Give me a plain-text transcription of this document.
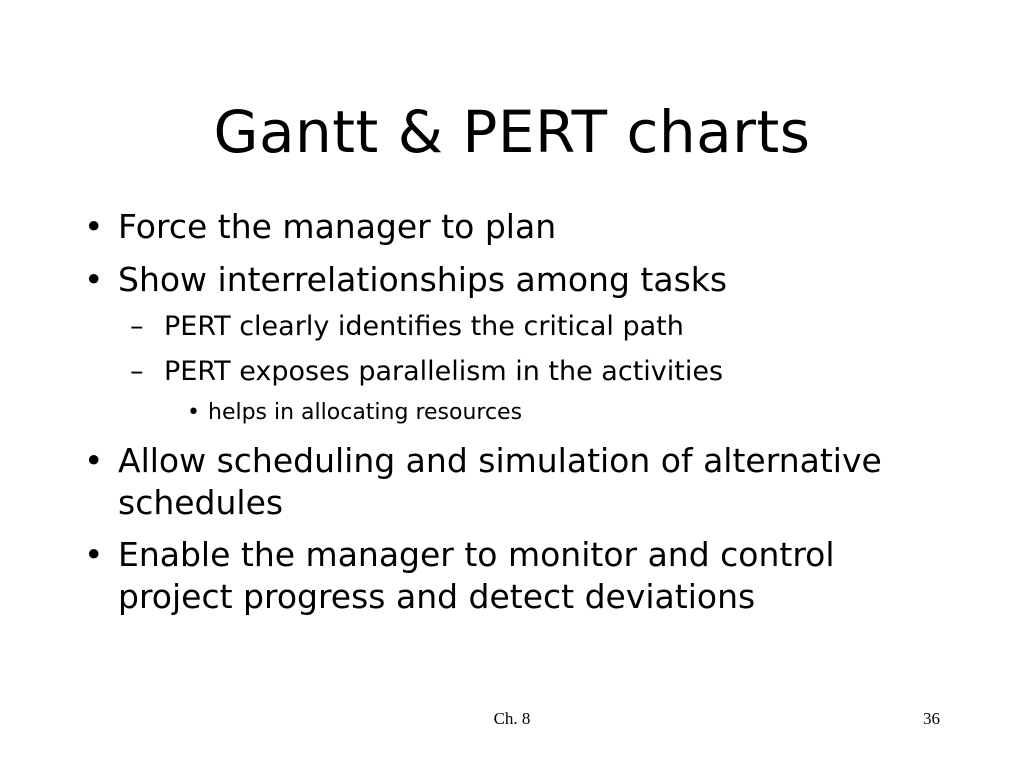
Gantt & PERT charts
• Force the manager to plan
• Show interrelationships among tasks
– PERT clearly identifies the critical path
– PERT exposes parallelism in the activities
• helps in allocating resources
• Allow scheduling and simulation of alternative
schedules
• Enable the manager to monitor and control
project progress and detect deviations
Ch. 8	36
